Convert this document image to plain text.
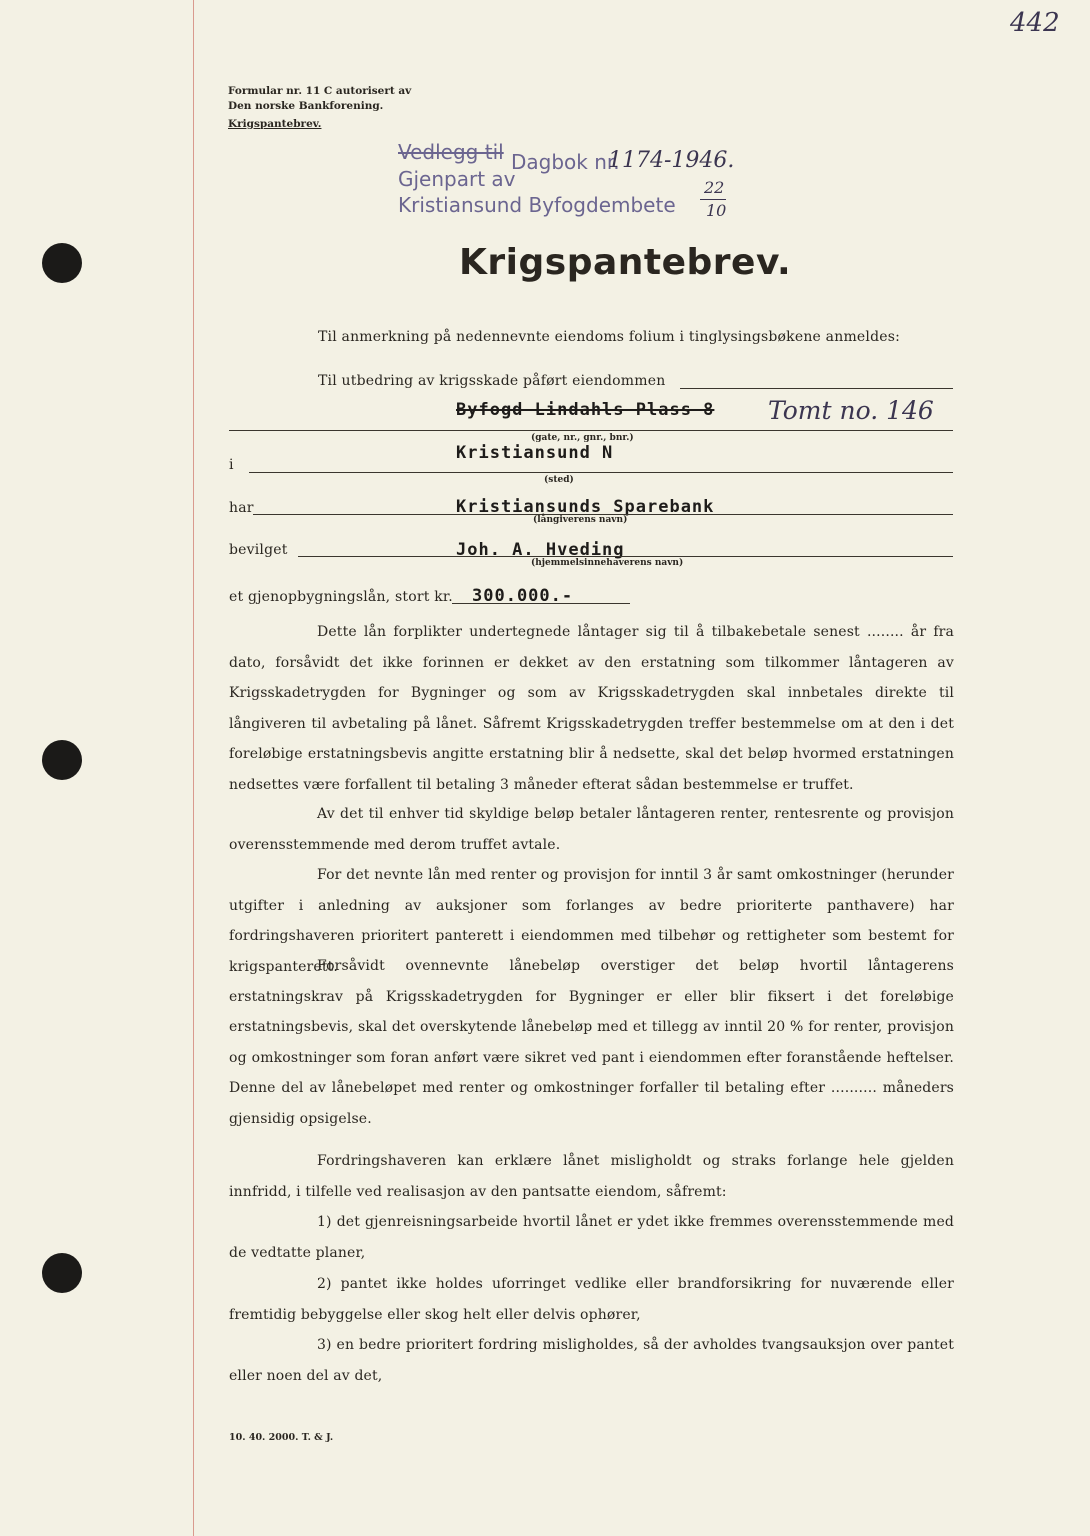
442
Formular nr. 11 C autorisert av
Den norske Bankforening.
Krigspantebrev.
Vedlegg til Dagbok nr.
1174-1946.
Gjenpart av
Kristiansund Byfogdembete
22
10
Krigspantebrev.
Til anmerkning på nedennevnte eiendoms folium i tinglysingsbøkene anmeldes:
Til utbedring av krigsskade påført eiendommen
Byfogd Lindahls Plass 8 Tomt no. 146
(gate, nr., gnr., bnr.)
i
Kristiansund N
(sted)
har	Kristiansunds Sparebank
(långiverens navn)
bevilget	Joh. A. Hveding
(hjemmelsinnehaverens navn)
et gjenopbygningslån, stort kr. 300.000.-
Dette lån forplikter undertegnede låntager sig til å tilbakebetale senest ........ år fra dato, forsåvidt det ikke forinnen er dekket av den erstatning som tilkommer låntageren av Krigsskadetrygden for Bygninger og som av Krigsskadetrygden skal innbetales direkte til långiveren til avbetaling på lånet. Såfremt Krigsskadetrygden treffer bestemmelse om at den i det foreløbige erstatningsbevis angitte erstatning blir å nedsette, skal det beløp hvormed erstatningen nedsettes være forfallent til betaling 3 måneder efterat sådan bestemmelse er truffet.
Av det til enhver tid skyldige beløp betaler låntageren renter, rentesrente og provisjon overensstemmende med derom truffet avtale.
For det nevnte lån med renter og provisjon for inntil 3 år samt omkostninger (herunder utgifter i anledning av auksjoner som forlanges av bedre prioriterte panthavere) har fordringshaveren prioritert panterett i eiendommen med tilbehør og rettigheter som bestemt for krigspanterett.
Forsåvidt ovennevnte lånebeløp overstiger det beløp hvortil låntagerens erstatningskrav på Krigsskadetrygden for Bygninger er eller blir fiksert i det foreløbige erstatningsbevis, skal det overskytende lånebeløp med et tillegg av inntil 20 % for renter, provisjon og omkostninger som foran anført være sikret ved pant i eiendommen efter foranstående heftelser. Denne del av lånebeløpet med renter og omkostninger forfaller til betaling efter .......... måneders gjensidig opsigelse.
Fordringshaveren kan erklære lånet misligholdt og straks forlange hele gjelden innfridd, i tilfelle ved realisasjon av den pantsatte eiendom, såfremt:
1) det gjenreisningsarbeide hvortil lånet er ydet ikke fremmes overensstemmende med de vedtatte planer,
2) pantet ikke holdes uforringet vedlike eller brandforsikring for nuværende eller fremtidig bebyggelse eller skog helt eller delvis ophører,
3) en bedre prioritert fordring misligholdes, så der avholdes tvangsauksjon over pantet eller noen del av det,
10. 40. 2000. T. & J.
